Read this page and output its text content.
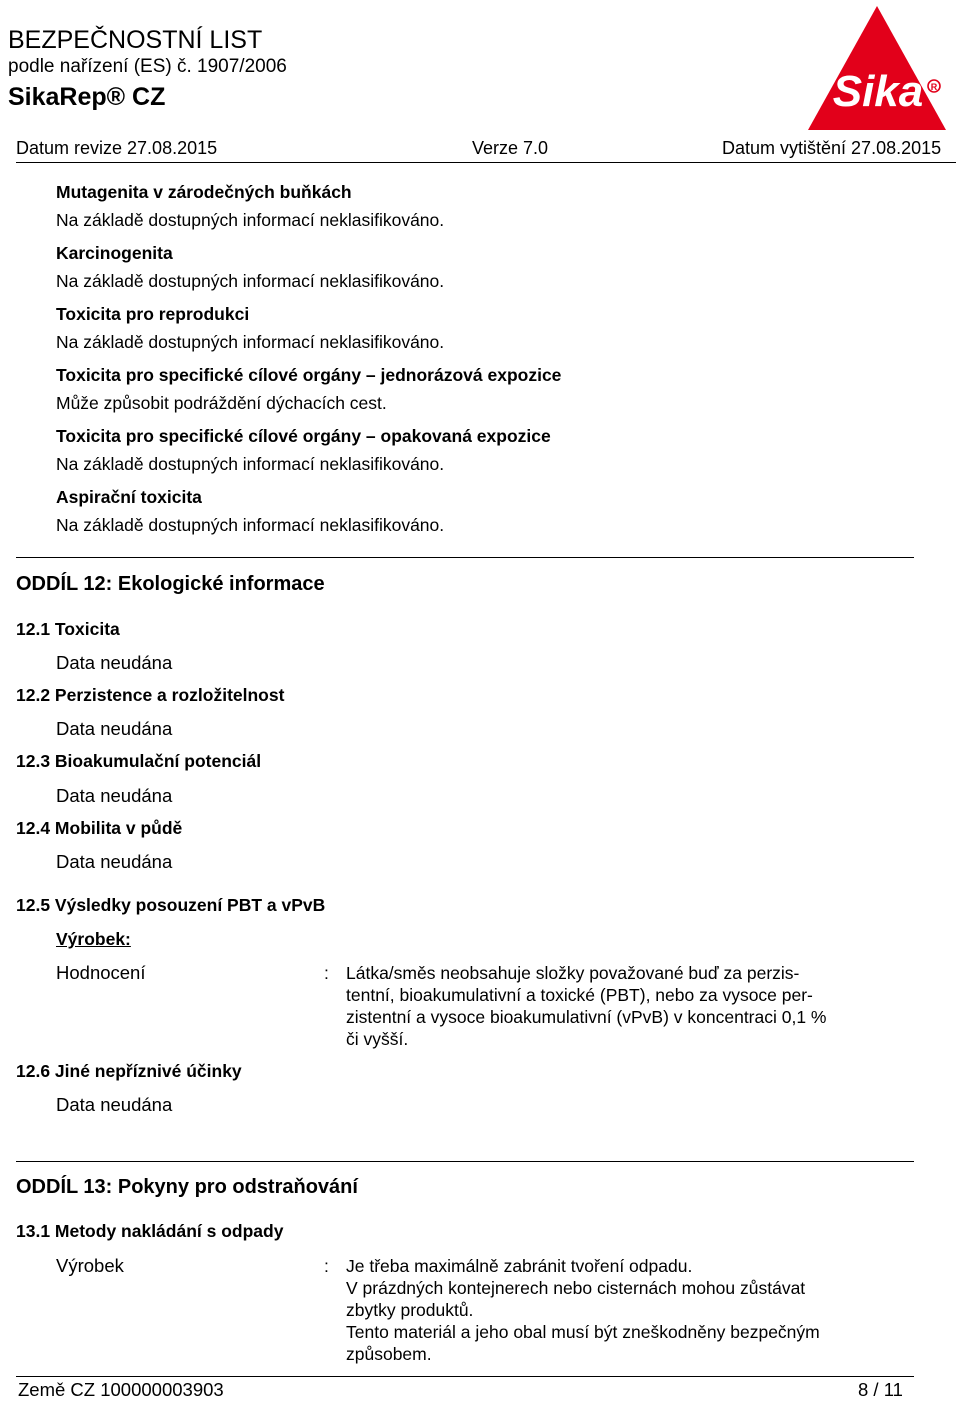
BEZPEČNOSTNÍ LIST
podle nařízení (ES) č. 1907/2006
SikaRep® CZ	Sika R
Datum revize 27.08.2015	Verze 7.0	Datum vytištění 27.08.2015
Mutagenita v zárodečných buňkách
Na základě dostupných informací neklasifikováno.
Karcinogenita
Na základě dostupných informací neklasifikováno.
Toxicita pro reprodukci
Na základě dostupných informací neklasifikováno.
Toxicita pro specifické cílové orgány – jednorázová expozice
Může způsobit podráždění dýchacích cest.
Toxicita pro specifické cílové orgány – opakovaná expozice
Na základě dostupných informací neklasifikováno.
Aspirační toxicita
Na základě dostupných informací neklasifikováno.
ODDÍL 12: Ekologické informace
12.1 Toxicita
Data neudána
12.2 Perzistence a rozložitelnost
Data neudána
12.3 Bioakumulační potenciál
Data neudána
12.4 Mobilita v půdě
Data neudána
12.5 Výsledky posouzení PBT a vPvB
Výrobek:
Hodnocení	: Látka/směs neobsahuje složky považované buď za perzis-
tentní, bioakumulativní a toxické (PBT), nebo za vysoce per-
zistentní a vysoce bioakumulativní (vPvB) v koncentraci 0,1 %
či vyšší.
12.6 Jiné nepříznivé účinky
Data neudána
ODDÍL 13: Pokyny pro odstraňování
13.1 Metody nakládání s odpady
Výrobek	: Je třeba maximálně zabránit tvoření odpadu.
V prázdných kontejnerech nebo cisternách mohou zůstávat
zbytky produktů.
Tento materiál a jeho obal musí být zneškodněny bezpečným
způsobem.
Země CZ 100000003903	8 / 11
